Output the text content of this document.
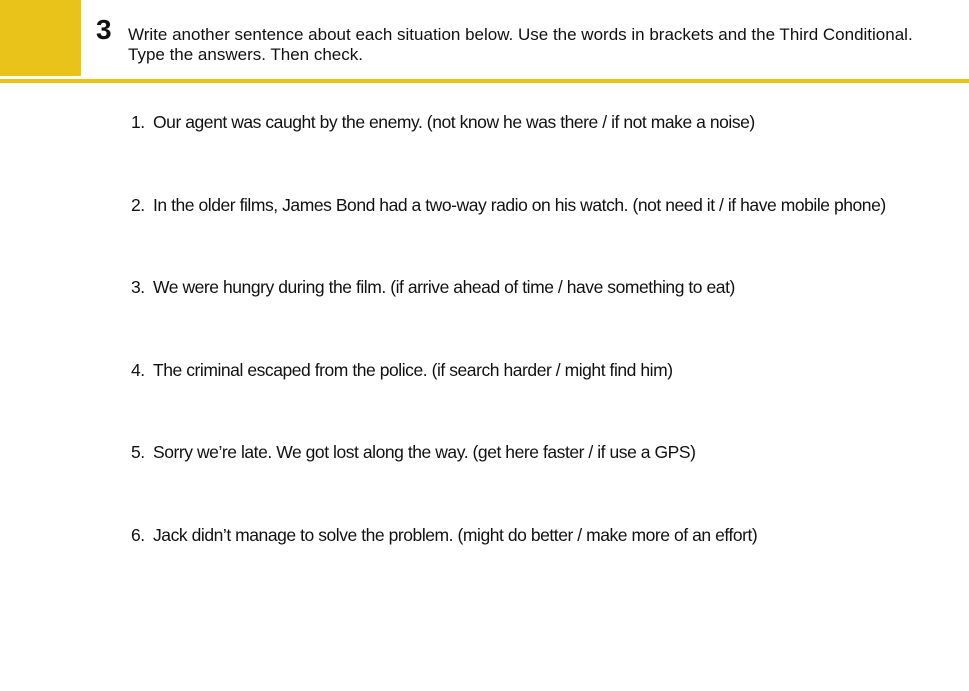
3 Write another sentence about each situation below. Use the words in brackets and the Third Conditional. Type the answers. Then check.
1. Our agent was caught by the enemy. (not know he was there / if not make a noise)
2. In the older films, James Bond had a two-way radio on his watch. (not need it / if have mobile phone)
3. We were hungry during the film. (if arrive ahead of time / have something to eat)
4. The criminal escaped from the police. (if search harder / might find him)
5. Sorry we’re late. We got lost along the way. (get here faster / if use a GPS)
6. Jack didn’t manage to solve the problem. (might do better / make more of an effort)
